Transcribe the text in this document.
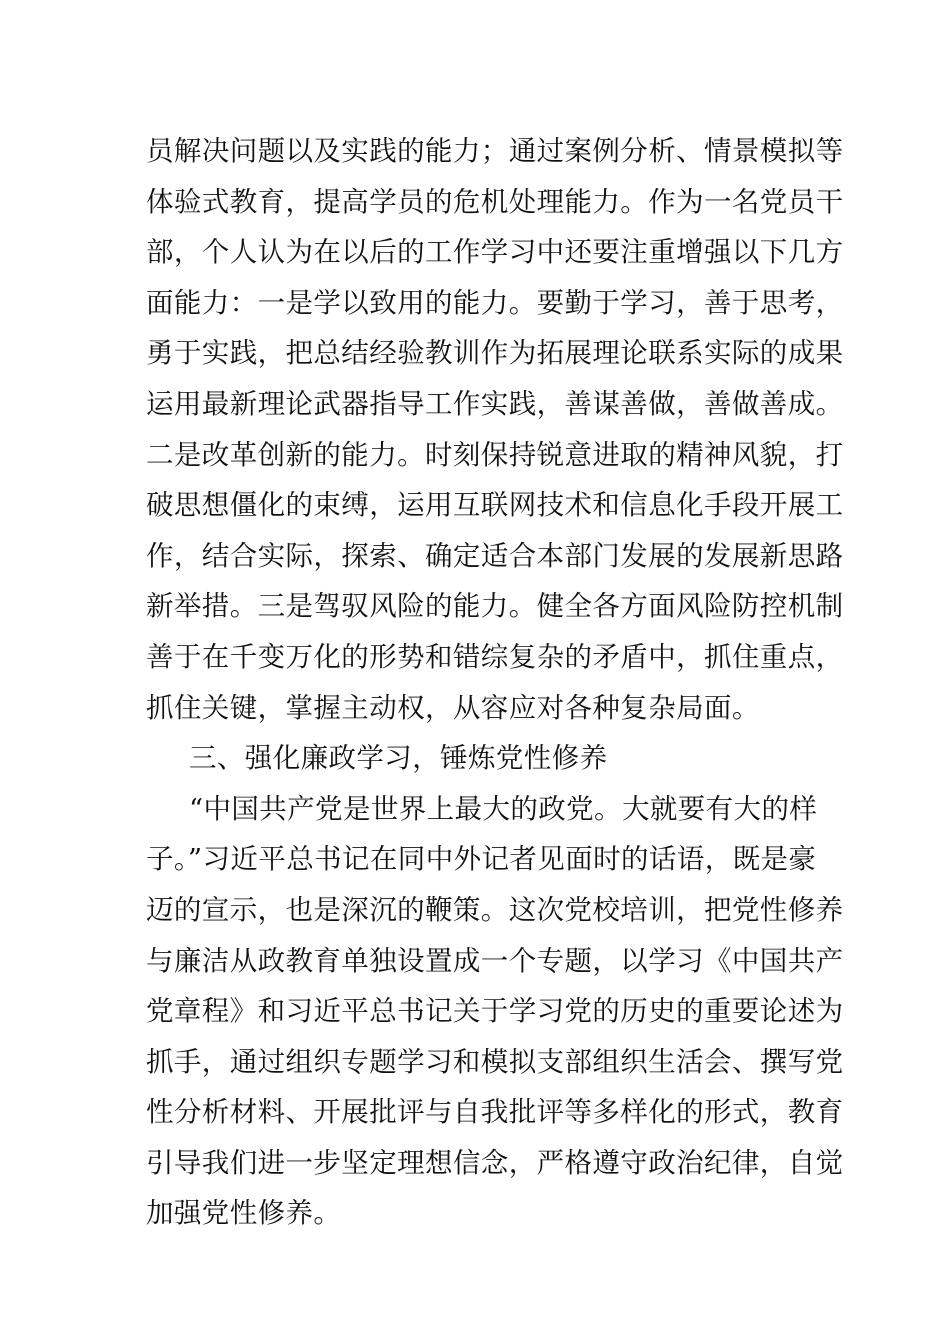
员解决问题以及实践的能力；通过案例分析、情景模拟等
体验式教育，提高学员的危机处理能力。作为一名党员干
部，个人认为在以后的工作学习中还要注重增强以下几方
面能力：一是学以致用的能力。要勤于学习，善于思考，
勇于实践，把总结经验教训作为拓展理论联系实际的成果
运用最新理论武器指导工作实践，善谋善做，善做善成。
二是改革创新的能力。时刻保持锐意进取的精神风貌，打
破思想僵化的束缚，运用互联网技术和信息化手段开展工
作，结合实际，探索、确定适合本部门发展的发展新思路
新举措。三是驾驭风险的能力。健全各方面风险防控机制
善于在千变万化的形势和错综复杂的矛盾中，抓住重点，
抓住关键，掌握主动权，从容应对各种复杂局面。
三、强化廉政学习，锤炼党性修养
“中国共产党是世界上最大的政党。大就要有大的样
子。”习近平总书记在同中外记者见面时的话语，既是豪
迈的宣示，也是深沉的鞭策。这次党校培训，把党性修养
与廉洁从政教育单独设置成一个专题，以学习《中国共产
党章程》和习近平总书记关于学习党的历史的重要论述为
抓手，通过组织专题学习和模拟支部组织生活会、撰写党
性分析材料、开展批评与自我批评等多样化的形式，教育
引导我们进一步坚定理想信念，严格遵守政治纪律，自觉
加强党性修养。
